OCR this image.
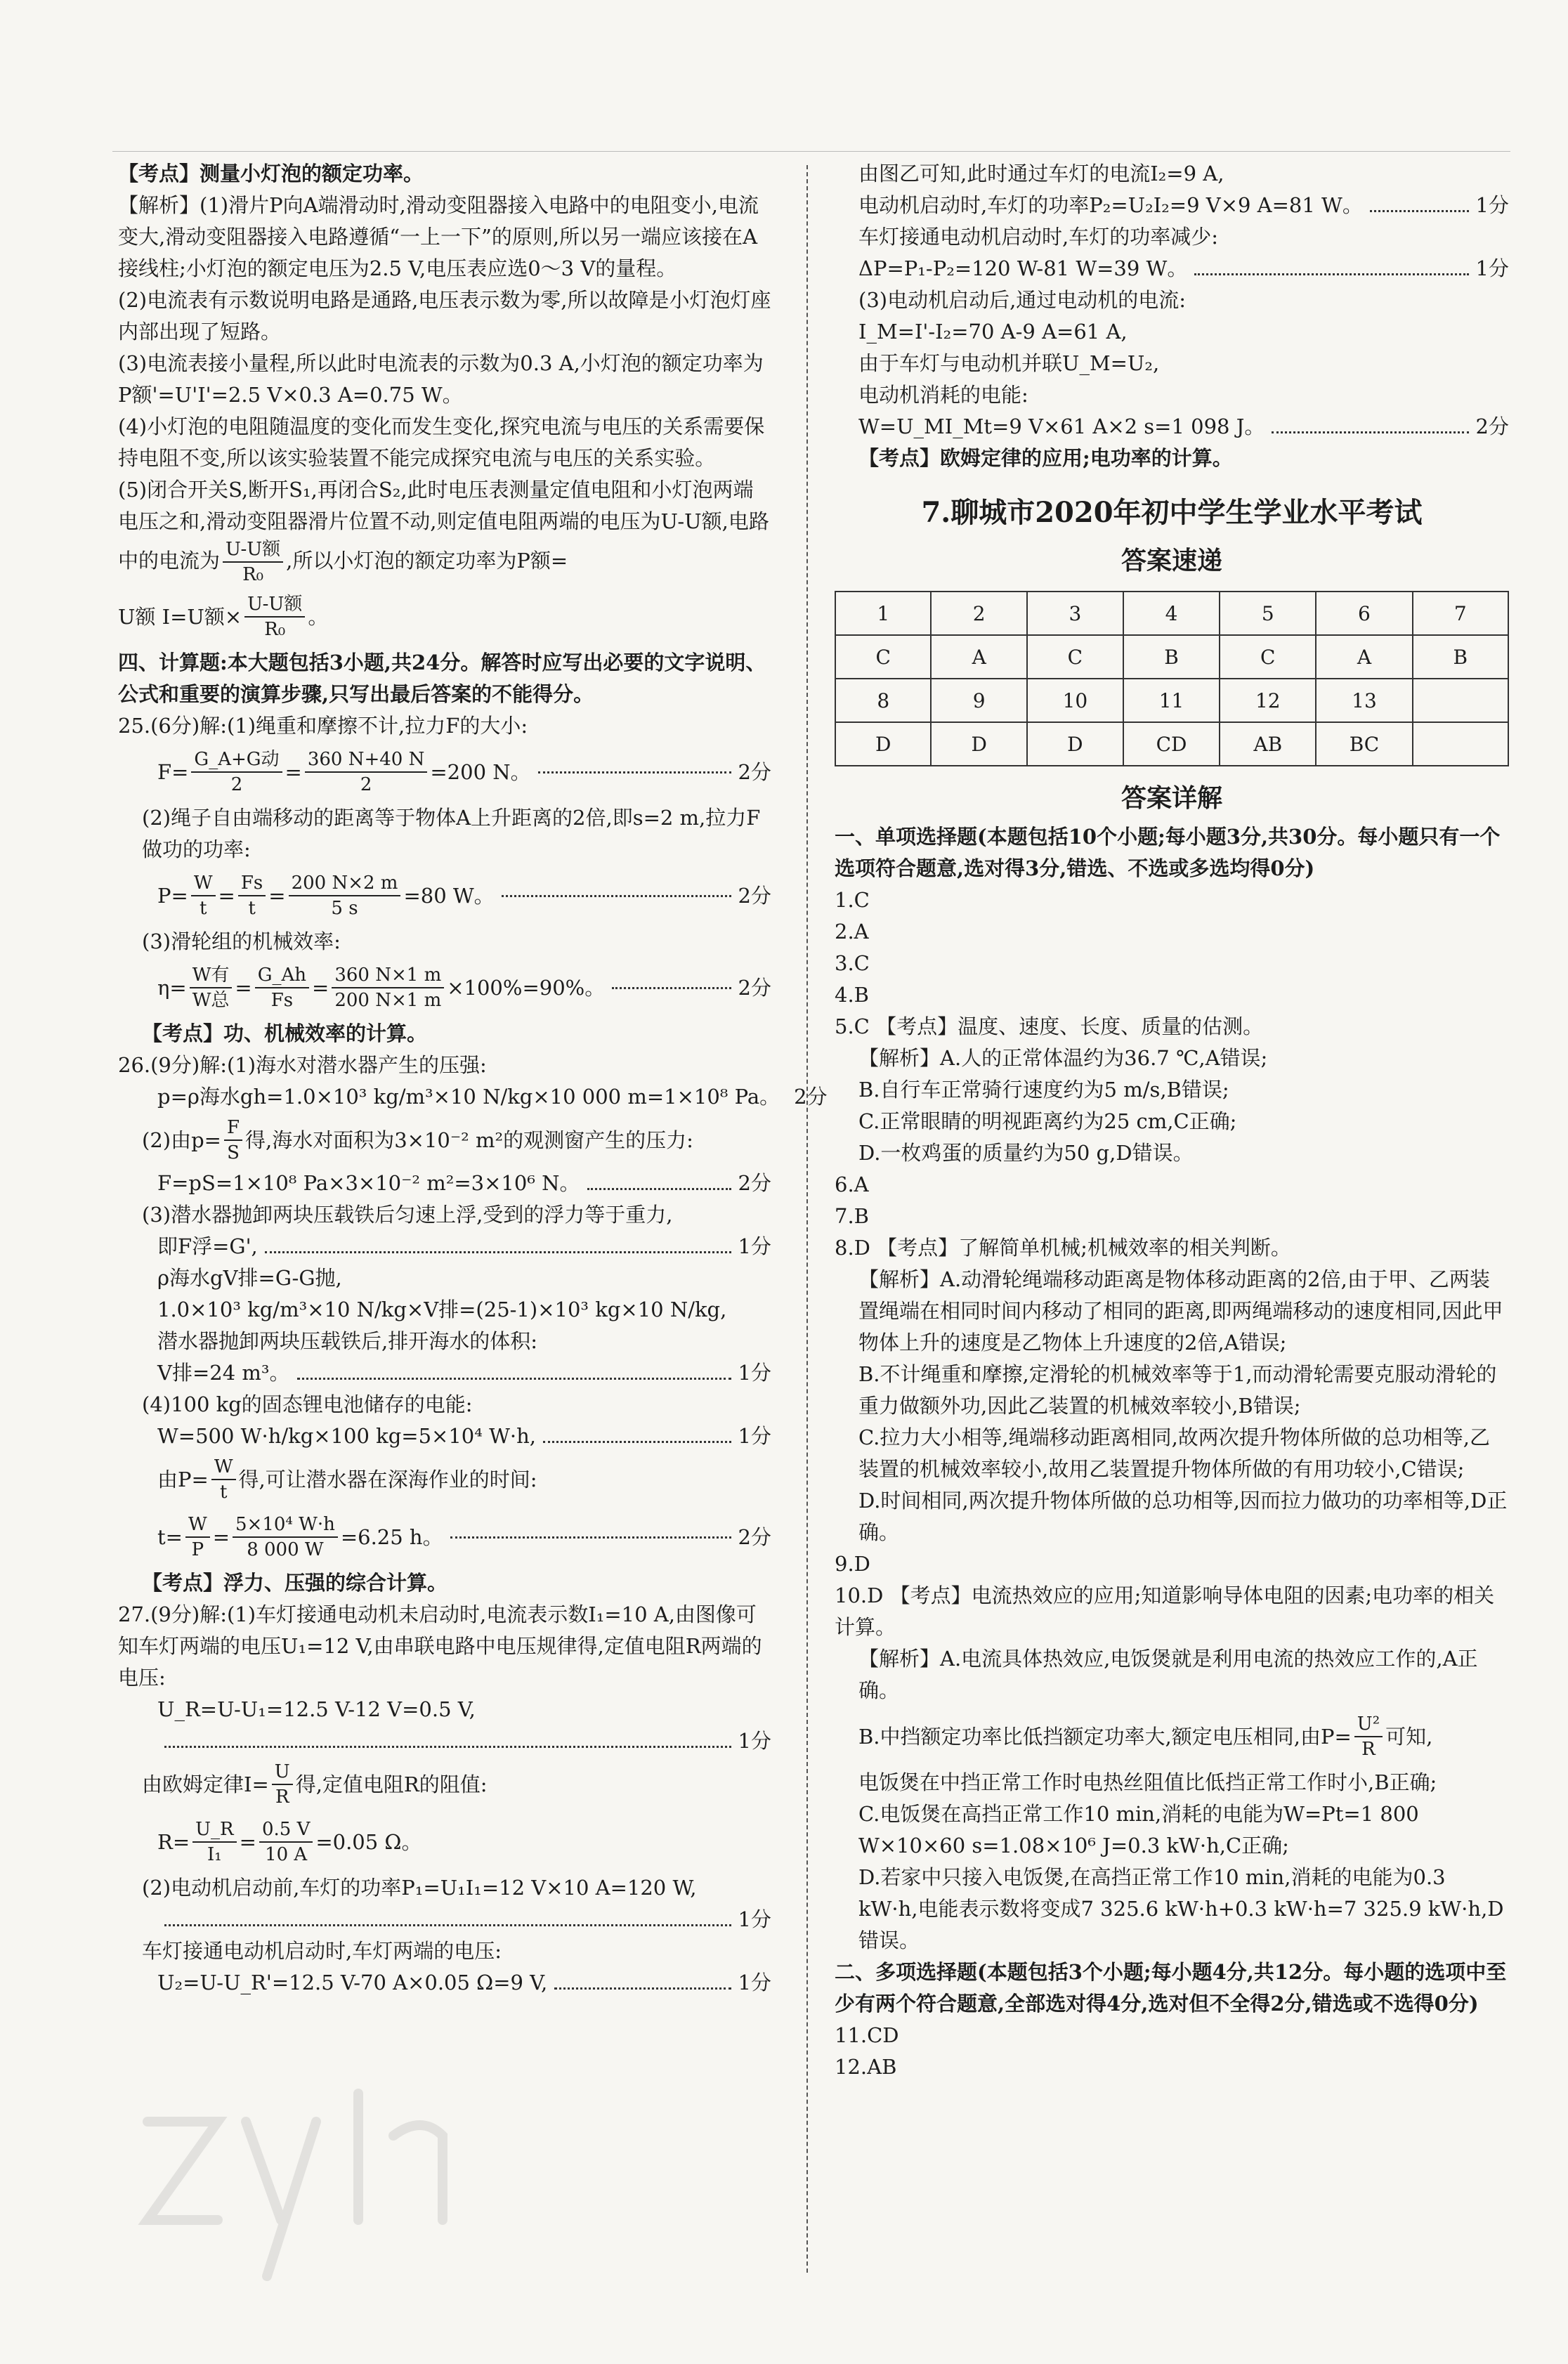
【考点】测量小灯泡的额定功率。

【解析】(1)滑片P向A端滑动时,滑动变阻器接入电路中的电阻变小,电流变大,滑动变阻器接入电路遵循“一上一下”的原则,所以另一端应该接在A接线柱;小灯泡的额定电压为2.5 V,电压表应选0～3 V的量程。

(2)电流表有示数说明电路是通路,电压表示数为零,所以故障是小灯泡灯座内部出现了短路。

(3)电流表接小量程,所以此时电流表的示数为0.3 A,小灯泡的额定功率为P额'=U'I'=2.5 V×0.3 A=0.75 W。

(4)小灯泡的电阻随温度的变化而发生变化,探究电流与电压的关系需要保持电阻不变,所以该实验装置不能完成探究电流与电压的关系实验。

(5)闭合开关S,断开S₁,再闭合S₂,此时电压表测量定值电阻和小灯泡两端电压之和,滑动变阻器滑片位置不动,则定值电阻两端的电压为U-U额,电路中的电流为 $\frac{\text{U-U额}}{\text{R₀}}$ ,所以小灯泡的额定功率为P额=

U额 I=U额× $\frac{\text{U-U额}}{\text{R₀}}$ 。

四、计算题:本大题包括3小题,共24分。解答时应写出必要的文字说明、公式和重要的演算步骤,只写出最后答案的不能得分。

25.(6分)解:(1)绳重和摩擦不计,拉力F的大小:

$F= \frac{\text{G\_A+G动}}{2} = \frac{360 N+40 N}{2} =200$ N。	2分

(2)绳子自由端移动的距离等于物体A上升距离的2倍,即s=2 m,拉力F做功的功率:

$P= \frac{W}{t} = \frac{Fs}{t} = \frac{200 N\times 2 m}{5 s} =80$ W。	2分

(3)滑轮组的机械效率:

$\eta= \frac{\text{W有}}{\text{W总}} = \frac{G\_Ah}{Fs} = \frac{360 N\times 1 m}{200 N\times 1 m} \times 100\%=90\%$。	2分

【考点】功、机械效率的计算。

26.(9分)解:(1)海水对潜水器产生的压强:

p=ρ海水gh=1.0×10³ kg/m³×10 N/kg×10 000 m=1×10⁸ Pa。 2分
(2)由$p= \frac{F}{S}$ 得,海水对面积为3×10⁻² m²的观测窗产生的压力:
F=pS=1×10⁸ Pa×3×10⁻² m²=3×10⁶ N。	2分

(3)潜水器抛卸两块压载铁后匀速上浮,受到的浮力等于重力,

即F浮=G',	1分

ρ海水gV排=G-G抛,

1.0×10³ kg/m³×10 N/kg×V排=(25-1)×10³ kg×10 N/kg,

潜水器抛卸两块压载铁后,排开海水的体积:

V排=24 m³。	1分

(4)100 kg的固态锂电池储存的电能:

W=500 W·h/kg×100 kg=5×10⁴ W·h,	1分
由$P= \frac{W}{t}$ 得,可让潜水器在深海作业的时间:
$t= \frac{W}{P} = \frac{\text{5×10⁴ W·h}}{8 000 W} =6.25$ h。	2分

【考点】浮力、压强的综合计算。

27.(9分)解:(1)车灯接通电动机未启动时,电流表示数I₁=10 A,由图像可知车灯两端的电压U₁=12 V,由串联电路中电压规律得,定值电阻R两端的电压:

U_R=U-U₁=12.5 V-12 V=0.5 V,

1分
由欧姆定律$I= \frac{U}{R}$ 得,定值电阻R的阻值:
$R= \frac{U\_R}{\text{I₁}} = \frac{0.5 V}{10 A} =0.05$ Ω。

(2)电动机启动前,车灯的功率P₁=U₁I₁=12 V×10 A=120 W,

1分

车灯接通电动机启动时,车灯两端的电压:

U₂=U-U_R'=12.5 V-70 A×0.05 Ω=9 V,	1分

由图乙可知,此时通过车灯的电流I₂=9 A,

电动机启动时,车灯的功率P₂=U₂I₂=9 V×9 A=81 W。	1分

车灯接通电动机启动时,车灯的功率减少:

ΔP=P₁-P₂=120 W-81 W=39 W。	1分

(3)电动机启动后,通过电动机的电流:

I_M=I'-I₂=70 A-9 A=61 A,

由于车灯与电动机并联U_M=U₂,

电动机消耗的电能:

W=U_MI_Mt=9 V×61 A×2 s=1 098 J。	2分

【考点】欧姆定律的应用;电功率的计算。

7.聊城市2020年初中学生学业水平考试

答案速递

1	2	3	4	5	6	7
C	A	C	B	C	A	B
8	9	10	11	12	13	
D	D	D	CD	AB	BC	

答案详解

一、单项选择题(本题包括10个小题;每小题3分,共30分。每小题只有一个选项符合题意,选对得3分,错选、不选或多选均得0分)

1.C

2.A

3.C

4.B

5.C 【考点】温度、速度、长度、质量的估测。

【解析】A.人的正常体温约为36.7 ℃,A错误;

B.自行车正常骑行速度约为5 m/s,B错误;

C.正常眼睛的明视距离约为25 cm,C正确;

D.一枚鸡蛋的质量约为50 g,D错误。

6.A

7.B

8.D 【考点】了解简单机械;机械效率的相关判断。

【解析】A.动滑轮绳端移动距离是物体移动距离的2倍,由于甲、乙两装置绳端在相同时间内移动了相同的距离,即两绳端移动的速度相同,因此甲物体上升的速度是乙物体上升速度的2倍,A错误;

B.不计绳重和摩擦,定滑轮的机械效率等于1,而动滑轮需要克服动滑轮的重力做额外功,因此乙装置的机械效率较小,B错误;

C.拉力大小相等,绳端移动距离相同,故两次提升物体所做的总功相等,乙装置的机械效率较小,故用乙装置提升物体所做的有用功较小,C错误;

D.时间相同,两次提升物体所做的总功相等,因而拉力做功的功率相等,D正确。

9.D

10.D 【考点】电流热效应的应用;知道影响导体电阻的因素;电功率的相关计算。

【解析】A.电流具体热效应,电饭煲就是利用电流的热效应工作的,A正确。

B.中挡额定功率比低挡额定功率大,额定电压相同,由$P= \frac{\text{U²}}{R}$ 可知,

电饭煲在中挡正常工作时电热丝阻值比低挡正常工作时小,B正确;

C.电饭煲在高挡正常工作10 min,消耗的电能为W=Pt=1 800 W×10×60 s=1.08×10⁶ J=0.3 kW·h,C正确;

D.若家中只接入电饭煲,在高挡正常工作10 min,消耗的电能为0.3 kW·h,电能表示数将变成7 325.6 kW·h+0.3 kW·h=7 325.9 kW·h,D错误。

二、多项选择题(本题包括3个小题;每小题4分,共12分。每小题的选项中至少有两个符合题意,全部选对得4分,选对但不全得2分,错选或不选得0分)

11.CD

12.AB
